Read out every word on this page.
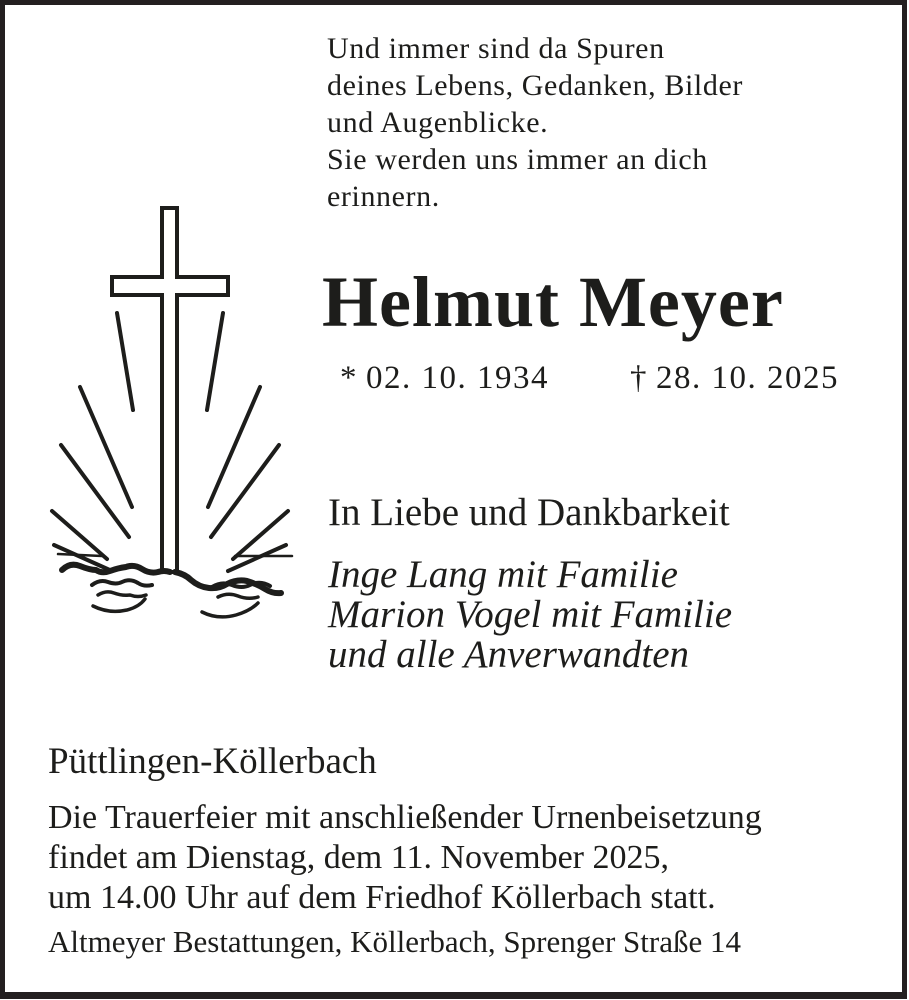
Und immer sind da Spuren
deines Lebens, Gedanken, Bilder
und Augenblicke.
Sie werden uns immer an dich
erinnern.
Helmut Meyer
* 02. 10. 1934 † 28. 10. 2025
In Liebe und Dankbarkeit
Inge Lang mit Familie
Marion Vogel mit Familie
und alle Anverwandten
Püttlingen-Köllerbach
Die Trauerfeier mit anschließender Urnenbeisetzung
findet am Dienstag, dem 11. November 2025,
um 14.00 Uhr auf dem Friedhof Köllerbach statt.
Altmeyer Bestattungen, Köllerbach, Sprenger Straße 14
